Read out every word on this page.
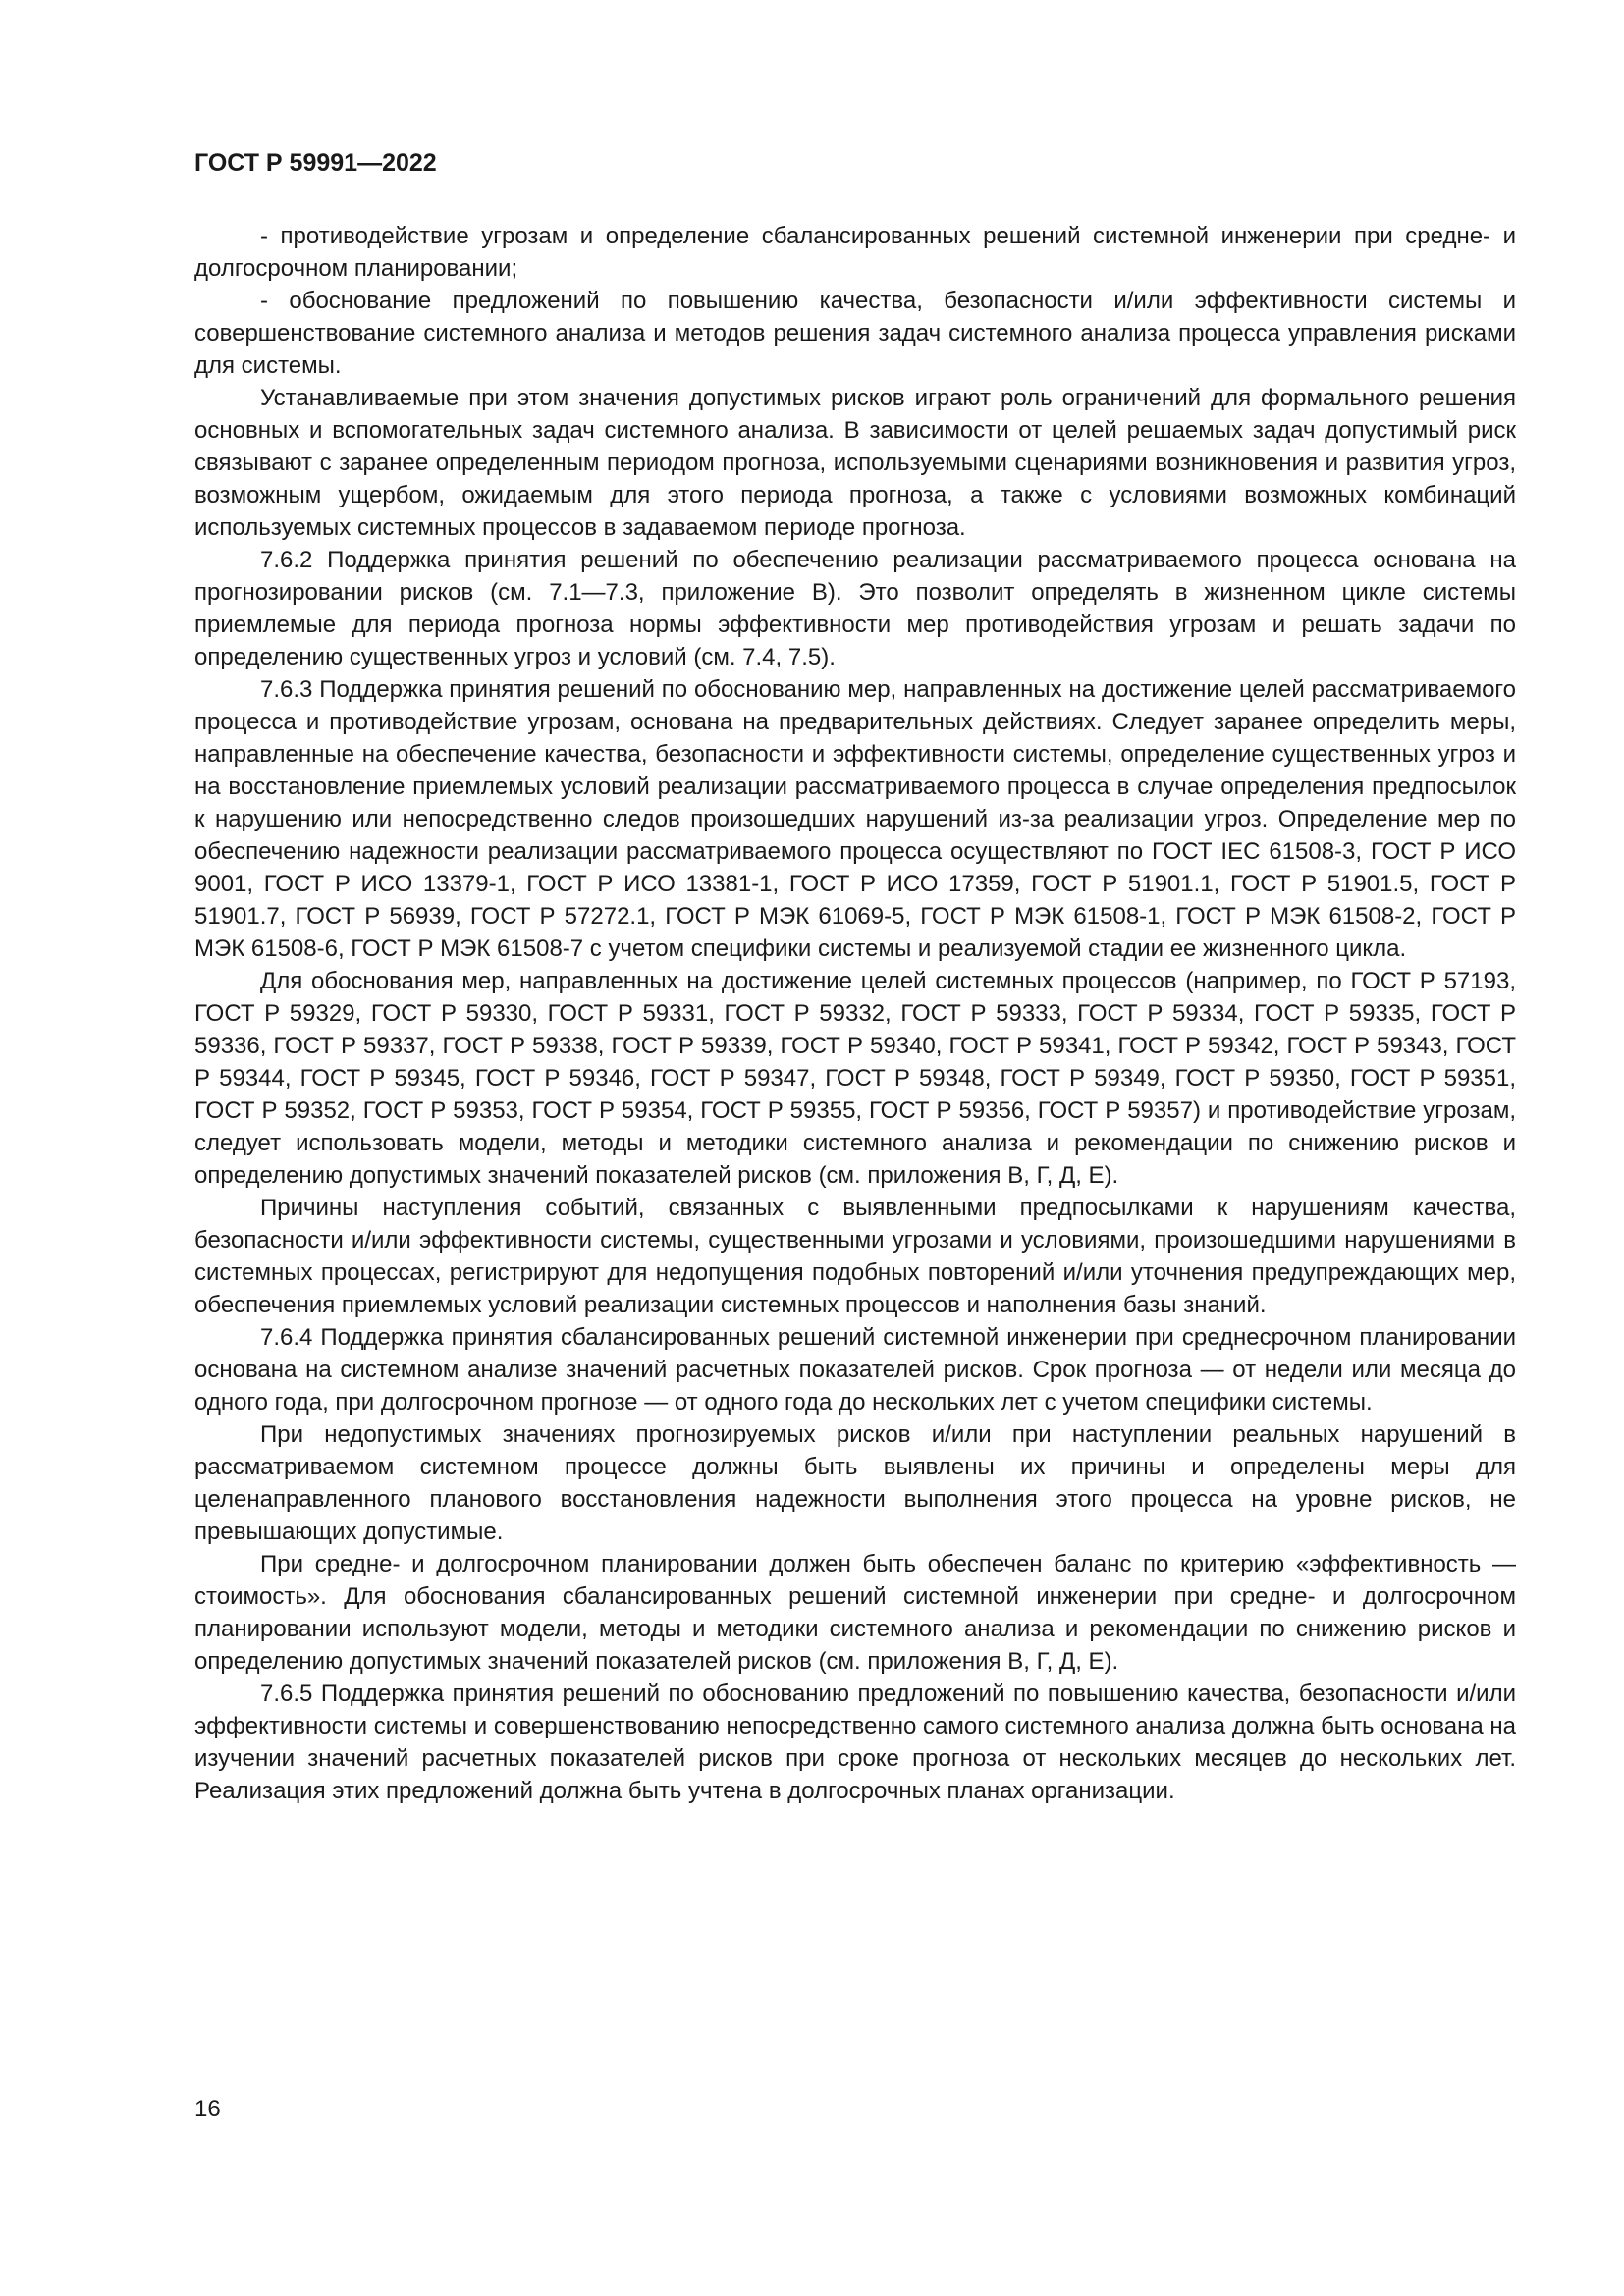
ГОСТ Р 59991—2022

- противодействие угрозам и определение сбалансированных решений системной инженерии при средне- и долгосрочном планировании;

- обоснование предложений по повышению качества, безопасности и/или эффективности системы и совершенствование системного анализа и методов решения задач системного анализа процесса управления рисками для системы.

Устанавливаемые при этом значения допустимых рисков играют роль ограничений для формального решения основных и вспомогательных задач системного анализа. В зависимости от целей решаемых задач допустимый риск связывают с заранее определенным периодом прогноза, используемыми сценариями возникновения и развития угроз, возможным ущербом, ожидаемым для этого периода прогноза, а также с условиями возможных комбинаций используемых системных процессов в задаваемом периоде прогноза.

7.6.2 Поддержка принятия решений по обеспечению реализации рассматриваемого процесса основана на прогнозировании рисков (см. 7.1—7.3, приложение В). Это позволит определять в жизненном цикле системы приемлемые для периода прогноза нормы эффективности мер противодействия угрозам и решать задачи по определению существенных угроз и условий (см. 7.4, 7.5).

7.6.3 Поддержка принятия решений по обоснованию мер, направленных на достижение целей рассматриваемого процесса и противодействие угрозам, основана на предварительных действиях. Следует заранее определить меры, направленные на обеспечение качества, безопасности и эффективности системы, определение существенных угроз и на восстановление приемлемых условий реализации рассматриваемого процесса в случае определения предпосылок к нарушению или непосредственно следов произошедших нарушений из-за реализации угроз. Определение мер по обеспечению надежности реализации рассматриваемого процесса осуществляют по ГОСТ IEC 61508-3, ГОСТ Р ИСО 9001, ГОСТ Р ИСО 13379-1, ГОСТ Р ИСО 13381-1, ГОСТ Р ИСО 17359, ГОСТ Р 51901.1, ГОСТ Р 51901.5, ГОСТ Р 51901.7, ГОСТ Р 56939, ГОСТ Р 57272.1, ГОСТ Р МЭК 61069-5, ГОСТ Р МЭК 61508-1, ГОСТ Р МЭК 61508-2, ГОСТ Р МЭК 61508-6, ГОСТ Р МЭК 61508-7 с учетом специфики системы и реализуемой стадии ее жизненного цикла.

Для обоснования мер, направленных на достижение целей системных процессов (например, по ГОСТ Р 57193, ГОСТ Р 59329, ГОСТ Р 59330, ГОСТ Р 59331, ГОСТ Р 59332, ГОСТ Р 59333, ГОСТ Р 59334, ГОСТ Р 59335, ГОСТ Р 59336, ГОСТ Р 59337, ГОСТ Р 59338, ГОСТ Р 59339, ГОСТ Р 59340, ГОСТ Р 59341, ГОСТ Р 59342, ГОСТ Р 59343, ГОСТ Р 59344, ГОСТ Р 59345, ГОСТ Р 59346, ГОСТ Р 59347, ГОСТ Р 59348, ГОСТ Р 59349, ГОСТ Р 59350, ГОСТ Р 59351, ГОСТ Р 59352, ГОСТ Р 59353, ГОСТ Р 59354, ГОСТ Р 59355, ГОСТ Р 59356, ГОСТ Р 59357) и противодействие угрозам, следует использовать модели, методы и методики системного анализа и рекомендации по снижению рисков и определению допустимых значений показателей рисков (см. приложения В, Г, Д, Е).

Причины наступления событий, связанных с выявленными предпосылками к нарушениям качества, безопасности и/или эффективности системы, существенными угрозами и условиями, произошедшими нарушениями в системных процессах, регистрируют для недопущения подобных повторений и/или уточнения предупреждающих мер, обеспечения приемлемых условий реализации системных процессов и наполнения базы знаний.

7.6.4 Поддержка принятия сбалансированных решений системной инженерии при среднесрочном планировании основана на системном анализе значений расчетных показателей рисков. Срок прогноза — от недели или месяца до одного года, при долгосрочном прогнозе — от одного года до нескольких лет с учетом специфики системы.

При недопустимых значениях прогнозируемых рисков и/или при наступлении реальных нарушений в рассматриваемом системном процессе должны быть выявлены их причины и определены меры для целенаправленного планового восстановления надежности выполнения этого процесса на уровне рисков, не превышающих допустимые.

При средне- и долгосрочном планировании должен быть обеспечен баланс по критерию «эффективность — стоимость». Для обоснования сбалансированных решений системной инженерии при средне- и долгосрочном планировании используют модели, методы и методики системного анализа и рекомендации по снижению рисков и определению допустимых значений показателей рисков (см. приложения В, Г, Д, Е).

7.6.5 Поддержка принятия решений по обоснованию предложений по повышению качества, безопасности и/или эффективности системы и совершенствованию непосредственно самого системного анализа должна быть основана на изучении значений расчетных показателей рисков при сроке прогноза от нескольких месяцев до нескольких лет. Реализация этих предложений должна быть учтена в долгосрочных планах организации.

16
